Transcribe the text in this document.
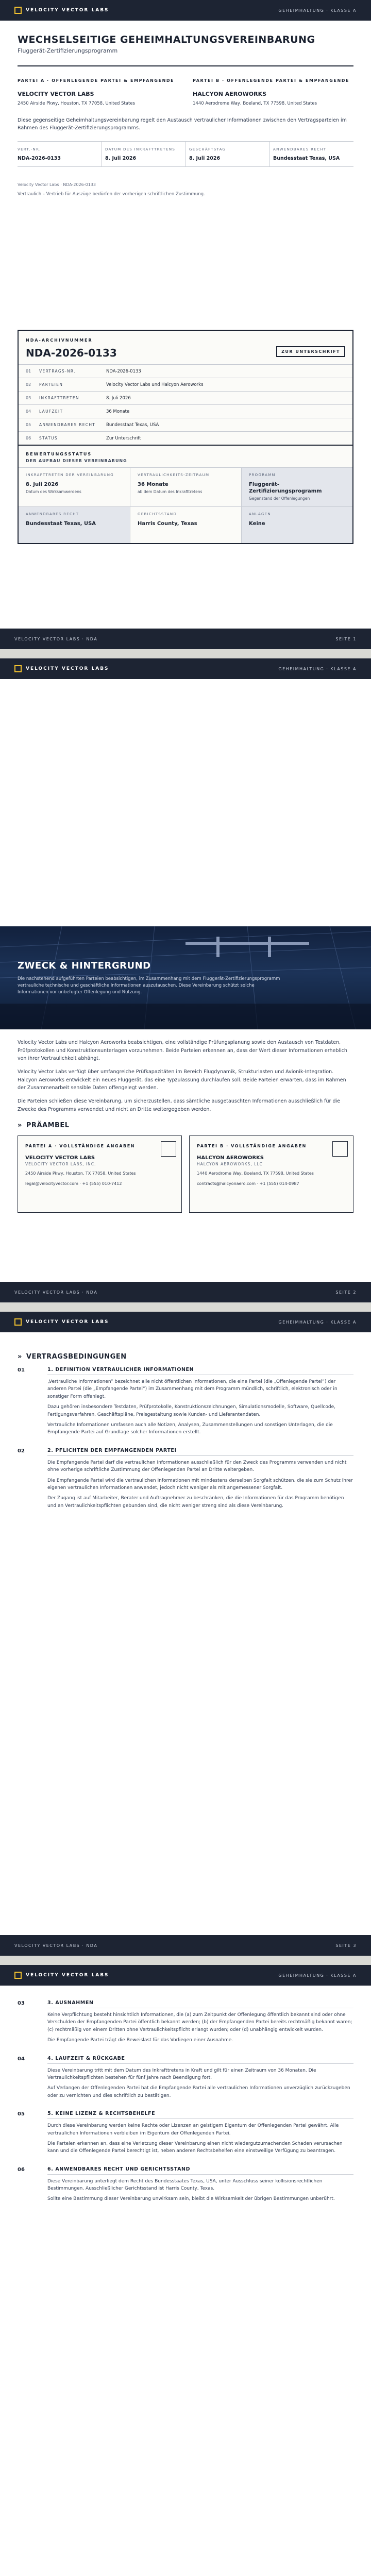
VELOCITY VECTOR LABS	GEHEIMHALTUNG · KLASSE A
WECHSELSEITIGE GEHEIMHALTUNGSVEREINBARUNG
Fluggerät-Zertifizierungsprogramm
PARTEI A · OFFENLEGENDE PARTEI & EMPFANGENDE
VELOCITY VECTOR LABS
2450 Airside Pkwy, Houston, TX 77058, United States
PARTEI B · OFFENLEGENDE PARTEI & EMPFANGENDE
HALCYON AEROWORKS
1440 Aerodrome Way, Boeland, TX 77598, United States
Diese gegenseitige Geheimhaltungsvereinbarung regelt den Austausch vertraulicher Informationen zwischen den Vertragsparteien im Rahmen des Fluggerät-Zertifizierungsprogramms.
VERT.-NR.
NDA-2026-0133
DATUM DES INKRAFTTRETENS
8. Juli 2026
GESCHÄFTSTAG
8. Juli 2026
ANWENDBARES RECHT
Bundesstaat Texas, USA
Velocity Vector Labs · NDA-2026-0133
Vertraulich – Vertrieb für Auszüge bedürfen der vorherigen schriftlichen Zustimmung.
NDA-ARCHIVNUMMER
NDA-2026-0133	ZUR UNTERSCHRIFT
01	VERTRAGS-NR.	NDA-2026-0133
02	PARTEIEN	Velocity Vector Labs und Halcyon Aeroworks
03	INKRAFTTRETEN	8. Juli 2026
04	LAUFZEIT	36 Monate
05	ANWENDBARES RECHT	Bundesstaat Texas, USA
06	STATUS	Zur Unterschrift
BEWERTUNGSSTATUS
DER AUFBAU DIESER VEREINBARUNG
INKRAFTTRETEN DER VEREINBARUNG
8. Juli 2026
Datum des Wirksamwerdens
VERTRAULICHKEITS-ZEITRAUM
36 Monate
ab dem Datum des Inkrafttretens
PROGRAMM
Fluggerät-Zertifizierungsprogramm
Gegenstand der Offenlegungen
ANWENDBARES RECHT
Bundesstaat Texas, USA
GERICHTSSTAND
Harris County, Texas
ANLAGEN
Keine
VELOCITY VECTOR LABS · NDA	SEITE 1
VELOCITY VECTOR LABS	GEHEIMHALTUNG · KLASSE A
ZWECK & HINTERGRUND
Die nachstehend aufgeführten Parteien beabsichtigen, im Zusammenhang mit dem Fluggerät-Zertifizierungsprogramm vertrauliche technische und geschäftliche Informationen auszutauschen. Diese Vereinbarung schützt solche Informationen vor unbefugter Offenlegung und Nutzung.

Velocity Vector Labs und Halcyon Aeroworks beabsichtigen, eine vollständige Prüfungsplanung sowie den Austausch von Testdaten, Prüfprotokollen und Konstruktionsunterlagen vorzunehmen. Beide Parteien erkennen an, dass der Wert dieser Informationen erheblich von ihrer Vertraulichkeit abhängt.

Velocity Vector Labs verfügt über umfangreiche Prüfkapazitäten im Bereich Flugdynamik, Strukturlasten und Avionik-Integration. Halcyon Aeroworks entwickelt ein neues Fluggerät, das eine Typzulassung durchlaufen soll. Beide Parteien erwarten, dass im Rahmen der Zusammenarbeit sensible Daten offengelegt werden.

Die Parteien schließen diese Vereinbarung, um sicherzustellen, dass sämtliche ausgetauschten Informationen ausschließlich für die Zwecke des Programms verwendet und nicht an Dritte weitergegeben werden.

» PRÄAMBEL
PARTEI A · VOLLSTÄNDIGE ANGABEN
VELOCITY VECTOR LABS
VELOCITY VECTOR LABS, INC.
2450 Airside Pkwy, Houston, TX 77058, United States
legal@velocityvector.com · +1 (555) 010-7412
PARTEI B · VOLLSTÄNDIGE ANGABEN
HALCYON AEROWORKS
HALCYON AEROWORKS, LLC
1440 Aerodrome Way, Boeland, TX 77598, United States
contracts@halcyonaero.com · +1 (555) 014-0987
VELOCITY VECTOR LABS · NDA	SEITE 2
VELOCITY VECTOR LABS	GEHEIMHALTUNG · KLASSE A
» VERTRAGSBEDINGUNGEN
01	1. DEFINITION VERTRAULICHER INFORMATIONEN

„Vertrauliche Informationen“ bezeichnet alle nicht öffentlichen Informationen, die eine Partei (die „Offenlegende Partei“) der anderen Partei (die „Empfangende Partei“) im Zusammenhang mit dem Programm mündlich, schriftlich, elektronisch oder in sonstiger Form offenlegt.

Dazu gehören insbesondere Testdaten, Prüfprotokolle, Konstruktionszeichnungen, Simulationsmodelle, Software, Quellcode, Fertigungsverfahren, Geschäftspläne, Preisgestaltung sowie Kunden- und Lieferantendaten.

Vertrauliche Informationen umfassen auch alle Notizen, Analysen, Zusammenstellungen und sonstigen Unterlagen, die die Empfangende Partei auf Grundlage solcher Informationen erstellt.

02	2. PFLICHTEN DER EMPFANGENDEN PARTEI

Die Empfangende Partei darf die vertraulichen Informationen ausschließlich für den Zweck des Programms verwenden und nicht ohne vorherige schriftliche Zustimmung der Offenlegenden Partei an Dritte weitergeben.

Die Empfangende Partei wird die vertraulichen Informationen mit mindestens derselben Sorgfalt schützen, die sie zum Schutz ihrer eigenen vertraulichen Informationen anwendet, jedoch nicht weniger als mit angemessener Sorgfalt.

Der Zugang ist auf Mitarbeiter, Berater und Auftragnehmer zu beschränken, die die Informationen für das Programm benötigen und an Vertraulichkeitspflichten gebunden sind, die nicht weniger streng sind als diese Vereinbarung.

VELOCITY VECTOR LABS · NDA	SEITE 3
VELOCITY VECTOR LABS	GEHEIMHALTUNG · KLASSE A
03	3. AUSNAHMEN

Keine Verpflichtung besteht hinsichtlich Informationen, die (a) zum Zeitpunkt der Offenlegung öffentlich bekannt sind oder ohne Verschulden der Empfangenden Partei öffentlich bekannt werden; (b) der Empfangenden Partei bereits rechtmäßig bekannt waren; (c) rechtmäßig von einem Dritten ohne Vertraulichkeitspflicht erlangt wurden; oder (d) unabhängig entwickelt wurden.

Die Empfangende Partei trägt die Beweislast für das Vorliegen einer Ausnahme.

04	4. LAUFZEIT & RÜCKGABE

Diese Vereinbarung tritt mit dem Datum des Inkrafttretens in Kraft und gilt für einen Zeitraum von 36 Monaten. Die Vertraulichkeitspflichten bestehen für fünf Jahre nach Beendigung fort.

Auf Verlangen der Offenlegenden Partei hat die Empfangende Partei alle vertraulichen Informationen unverzüglich zurückzugeben oder zu vernichten und dies schriftlich zu bestätigen.

05	5. KEINE LIZENZ & RECHTSBEHELFE

Durch diese Vereinbarung werden keine Rechte oder Lizenzen an geistigem Eigentum der Offenlegenden Partei gewährt. Alle vertraulichen Informationen verbleiben im Eigentum der Offenlegenden Partei.

Die Parteien erkennen an, dass eine Verletzung dieser Vereinbarung einen nicht wiedergutzumachenden Schaden verursachen kann und die Offenlegende Partei berechtigt ist, neben anderen Rechtsbehelfen eine einstweilige Verfügung zu beantragen.

06	6. ANWENDBARES RECHT UND GERICHTSSTAND

Diese Vereinbarung unterliegt dem Recht des Bundesstaates Texas, USA, unter Ausschluss seiner kollisionsrechtlichen Bestimmungen. Ausschließlicher Gerichtsstand ist Harris County, Texas.

Sollte eine Bestimmung dieser Vereinbarung unwirksam sein, bleibt die Wirksamkeit der übrigen Bestimmungen unberührt.
